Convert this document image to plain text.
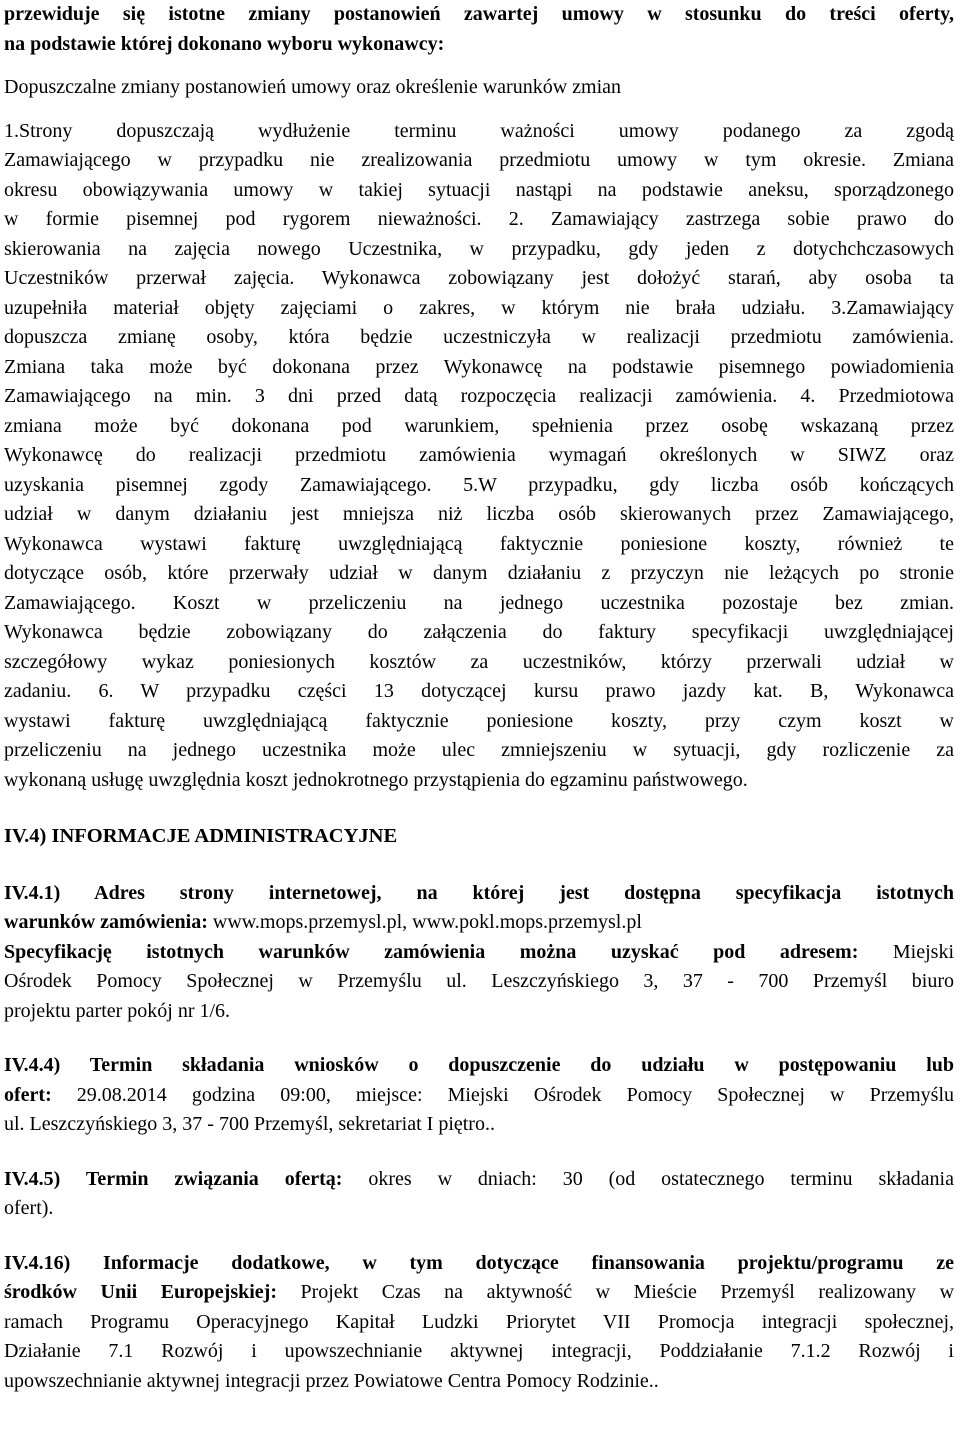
przewiduje się istotne zmiany postanowień zawartej umowy w stosunku do treści oferty,
na podstawie której dokonano wyboru wykonawcy:
Dopuszczalne zmiany postanowień umowy oraz określenie warunków zmian
1.Strony dopuszczają wydłużenie terminu ważności umowy podanego za zgodą
Zamawiającego w przypadku nie zrealizowania przedmiotu umowy w tym okresie. Zmiana
okresu obowiązywania umowy w takiej sytuacji nastąpi na podstawie aneksu, sporządzonego
w formie pisemnej pod rygorem nieważności. 2. Zamawiający zastrzega sobie prawo do
skierowania na zajęcia nowego Uczestnika, w przypadku, gdy jeden z dotychchczasowych
Uczestników przerwał zajęcia. Wykonawca zobowiązany jest dołożyć starań, aby osoba ta
uzupełniła materiał objęty zajęciami o zakres, w którym nie brała udziału. 3.Zamawiający
dopuszcza zmianę osoby, która będzie uczestniczyła w realizacji przedmiotu zamówienia.
Zmiana taka może być dokonana przez Wykonawcę na podstawie pisemnego powiadomienia
Zamawiającego na min. 3 dni przed datą rozpoczęcia realizacji zamówienia. 4. Przedmiotowa
zmiana może być dokonana pod warunkiem, spełnienia przez osobę wskazaną przez
Wykonawcę do realizacji przedmiotu zamówienia wymagań określonych w SIWZ oraz
uzyskania pisemnej zgody Zamawiającego. 5.W przypadku, gdy liczba osób kończących
udział w danym działaniu jest mniejsza niż liczba osób skierowanych przez Zamawiającego,
Wykonawca wystawi fakturę uwzględniającą faktycznie poniesione koszty, również te
dotyczące osób, które przerwały udział w danym działaniu z przyczyn nie leżących po stronie
Zamawiającego. Koszt w przeliczeniu na jednego uczestnika pozostaje bez zmian.
Wykonawca będzie zobowiązany do załączenia do faktury specyfikacji uwzględniającej
szczegółowy wykaz poniesionych kosztów za uczestników, którzy przerwali udział w
zadaniu. 6. W przypadku części 13 dotyczącej kursu prawo jazdy kat. B, Wykonawca
wystawi fakturę uwzględniającą faktycznie poniesione koszty, przy czym koszt w
przeliczeniu na jednego uczestnika może ulec zmniejszeniu w sytuacji, gdy rozliczenie za
wykonaną usługę uwzględnia koszt jednokrotnego przystąpienia do egzaminu państwowego.
IV.4) INFORMACJE ADMINISTRACYJNE
IV.4.1) Adres strony internetowej, na której jest dostępna specyfikacja istotnych
warunków zamówienia: www.mops.przemysl.pl, www.pokl.mops.przemysl.pl
Specyfikację istotnych warunków zamówienia można uzyskać pod adresem: Miejski
Ośrodek Pomocy Społecznej w Przemyślu ul. Leszczyńskiego 3, 37 - 700 Przemyśl biuro
projektu parter pokój nr 1/6.
IV.4.4) Termin składania wniosków o dopuszczenie do udziału w postępowaniu lub
ofert: 29.08.2014 godzina 09:00, miejsce: Miejski Ośrodek Pomocy Społecznej w Przemyślu
ul. Leszczyńskiego 3, 37 - 700 Przemyśl, sekretariat I piętro..
IV.4.5) Termin związania ofertą: okres w dniach: 30 (od ostatecznego terminu składania
ofert).
IV.4.16) Informacje dodatkowe, w tym dotyczące finansowania projektu/programu ze
środków Unii Europejskiej: Projekt Czas na aktywność w Mieście Przemyśl realizowany w
ramach Programu Operacyjnego Kapitał Ludzki Priorytet VII Promocja integracji społecznej,
Działanie 7.1 Rozwój i upowszechnianie aktywnej integracji, Poddziałanie 7.1.2 Rozwój i
upowszechnianie aktywnej integracji przez Powiatowe Centra Pomocy Rodzinie..
